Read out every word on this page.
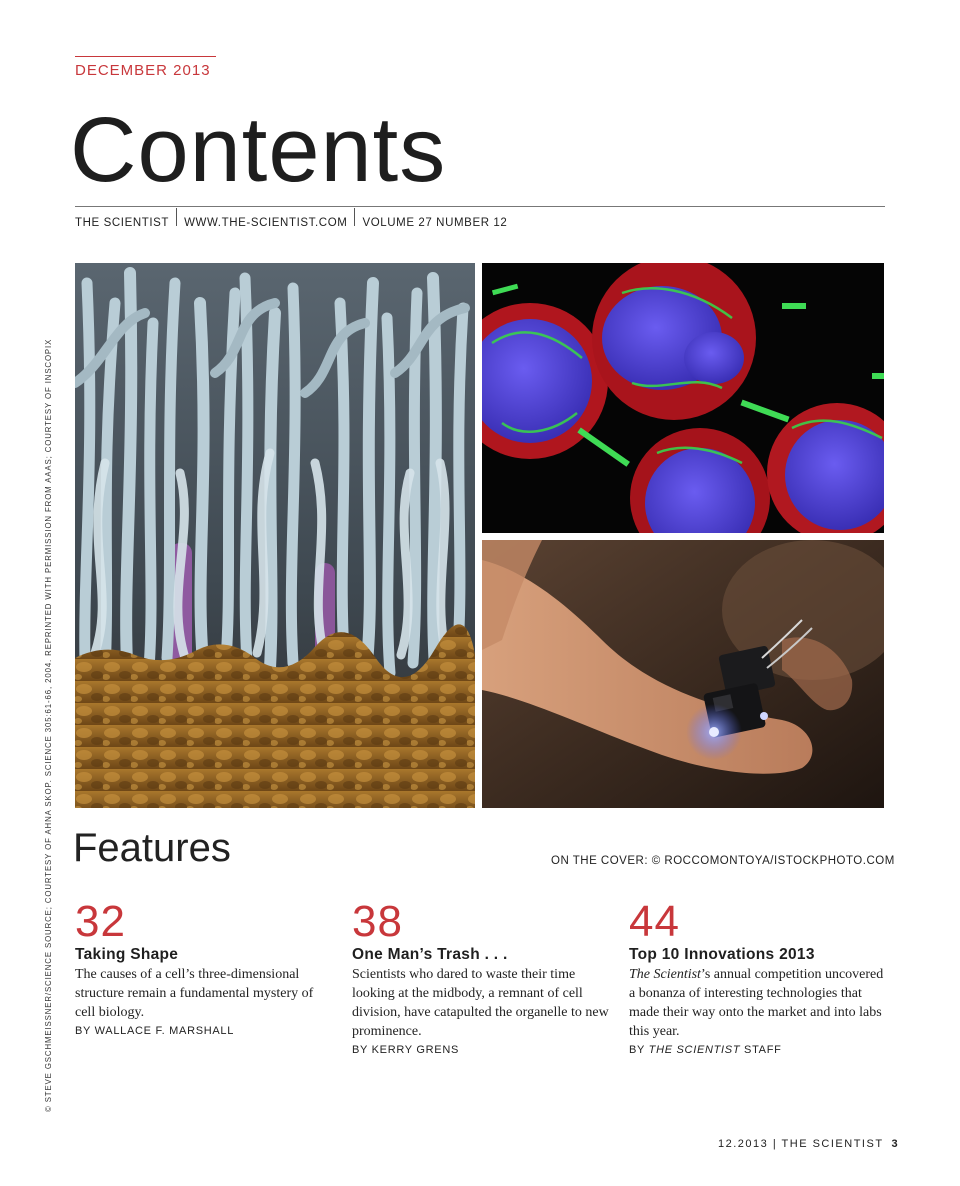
DECEMBER 2013
Contents
THE SCIENTIST WWW.THE-SCIENTIST.COM VOLUME 27 NUMBER 12
© STEVE GSCHMEISSNER/SCIENCE SOURCE; COURTESY OF AHNA SKOP. SCIENCE 305:61-66, 2004. REPRINTED WITH PERMISSION FROM AAAS; COURTESY OF INSCOPIX Features	ON THE COVER: © ROCCOMONTOYA/ISTOCKPHOTO.COM
32
Taking Shape
The causes of a cell’s three-dimensional structure remain a fundamental mystery of cell biology.
BY WALLACE F. MARSHALL
38
One Man’s Trash . . .
Scientists who dared to waste their time looking at the midbody, a remnant of cell division, have catapulted the organelle to new prominence.
BY KERRY GRENS
44
Top 10 Innovations 2013
The Scientist’s annual competition uncovered a bonanza of interesting technologies that made their way onto the market and into labs this year.
BY THE SCIENTIST STAFF
12.2013 | THE SCIENTIST 3
